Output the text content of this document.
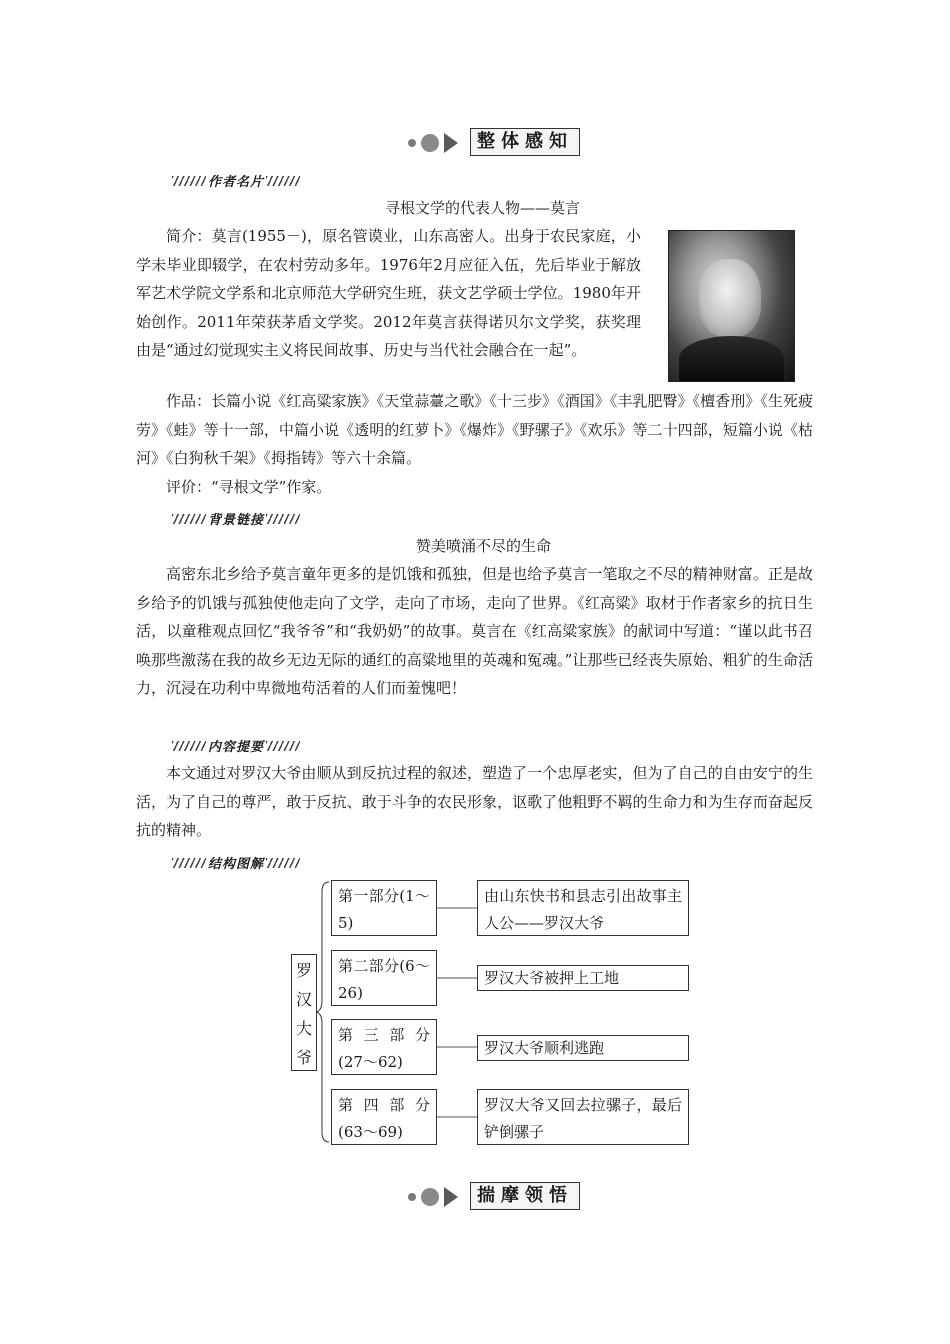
整体感知
作者名片
寻根文学的代表人物——莫言

简介：莫言(1955－)，原名管谟业，山东高密人。出身于农民家庭，小学未毕业即辍学，在农村劳动多年。1976年2月应征入伍，先后毕业于解放军艺术学院文学系和北京师范大学研究生班，获文艺学硕士学位。1980年开始创作。2011年荣获茅盾文学奖。2012年莫言获得诺贝尔文学奖，获奖理由是“通过幻觉现实主义将民间故事、历史与当代社会融合在一起”。

作品：长篇小说《红高粱家族》《天堂蒜薹之歌》《十三步》《酒国》《丰乳肥臀》《檀香刑》《生死疲劳》《蛙》等十一部，中篇小说《透明的红萝卜》《爆炸》《野骡子》《欢乐》等二十四部，短篇小说《枯河》《白狗秋千架》《拇指铸》等六十余篇。

评价：“寻根文学”作家。

背景链接
赞美喷涌不尽的生命

高密东北乡给予莫言童年更多的是饥饿和孤独，但是也给予莫言一笔取之不尽的精神财富。正是故乡给予的饥饿与孤独使他走向了文学，走向了市场，走向了世界。《红高粱》取材于作者家乡的抗日生活，以童稚观点回忆“我爷爷”和“我奶奶”的故事。莫言在《红高粱家族》的献词中写道：“谨以此书召唤那些激荡在我的故乡无边无际的通红的高粱地里的英魂和冤魂。”让那些已经丧失原始、粗犷的生命活力，沉浸在功利中卑微地苟活着的人们而羞愧吧！

内容提要

本文通过对罗汉大爷由顺从到反抗过程的叙述，塑造了一个忠厚老实，但为了自己的自由安宁的生活，为了自己的尊严，敢于反抗、敢于斗争的农民形象，讴歌了他粗野不羁的生命力和为生存而奋起反抗的精神。

结构图解
罗
汉
大
爷
第一部分(1～5)
由山东快书和县志引出故事主人公——罗汉大爷
第二部分(6～26)
罗汉大爷被押上工地
第 三 部 分(27～62)
罗汉大爷顺利逃跑
第 四 部 分(63～69)
罗汉大爷又回去拉骡子，最后铲倒骡子
揣摩领悟
